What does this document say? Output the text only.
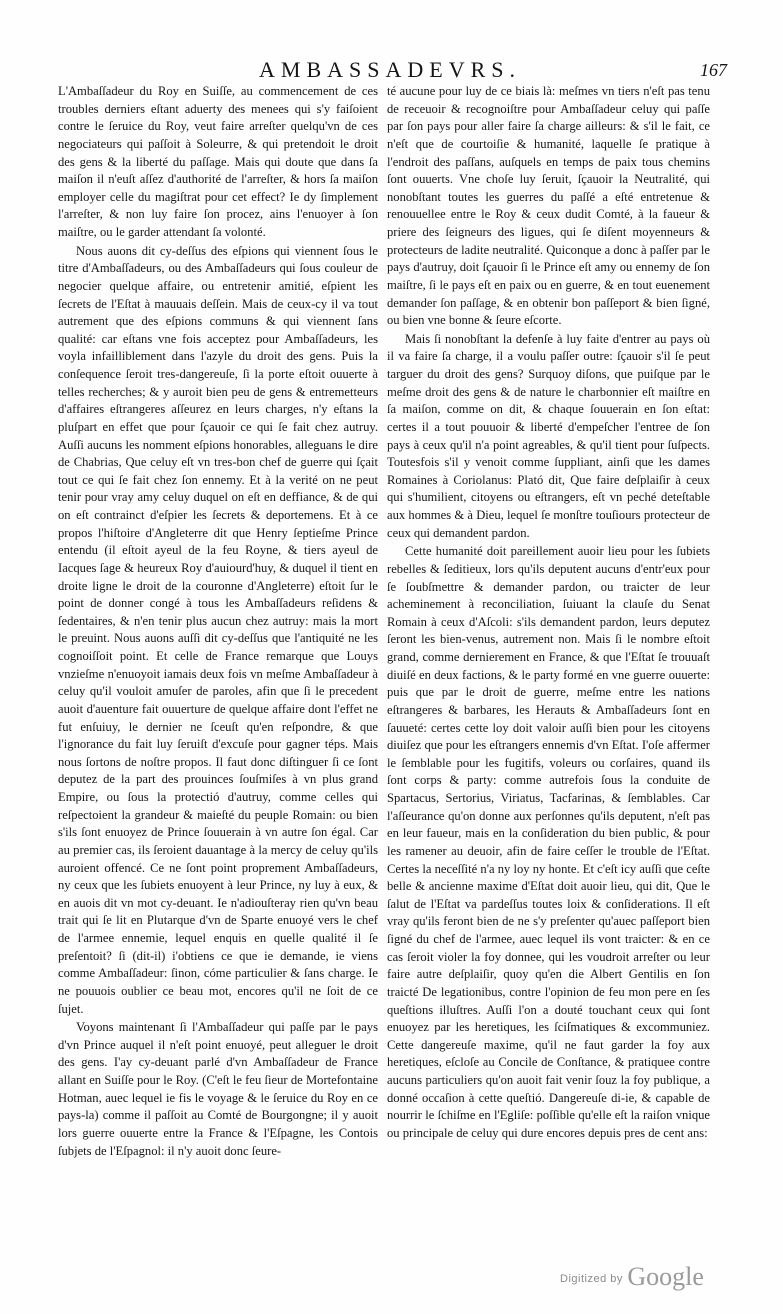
AMBASSADEVRS.	167

L'Ambaſſadeur du Roy en Suiſſe, au commencement de ces troubles derniers eſtant aduerty des menees qui s'y faiſoient contre le ſeruice du Roy, veut faire arreſter quelqu'vn de ces negociateurs qui paſſoit à Soleurre, & qui pretendoit le droit des gens & la liberté du paſſage. Mais qui doute que dans ſa maiſon il n'euſt aſſez d'authorité de l'arreſter, & hors ſa maiſon employer celle du magiſtrat pour cet effect? Ie dy ſimplement l'arreſter, & non luy faire ſon procez, ains l'enuoyer à ſon maiſtre, ou le garder attendant ſa volonté.

Nous auons dit cy-deſſus des eſpions qui viennent ſous le titre d'Ambaſſadeurs, ou des Ambaſſadeurs qui ſous couleur de negocier quelque affaire, ou entretenir amitié, eſpient les ſecrets de l'Eſtat à mauuais deſſein. Mais de ceux-cy il va tout autrement que des eſpions communs & qui viennent ſans qualité: car eſtans vne fois acceptez pour Ambaſſadeurs, les voyla infailliblement dans l'azyle du droit des gens. Puis la conſequence ſeroit tres-dangereuſe, ſi la porte eſtoit ouuerte à telles recherches; & y auroit bien peu de gens & entremetteurs d'affaires eſtrangeres aſſeurez en leurs charges, n'y eſtans la pluſpart en effet que pour ſçauoir ce qui ſe fait chez autruy. Auſſi aucuns les nomment eſpions honorables, alleguans le dire de Chabrias, Que celuy eſt vn tres-bon chef de guerre qui ſçait tout ce qui ſe fait chez ſon ennemy. Et à la verité on ne peut tenir pour vray amy celuy duquel on eſt en deffiance, & de qui on eſt contrainct d'eſpier les ſecrets & deportemens. Et à ce propos l'hiſtoire d'Angleterre dit que Henry ſeptieſme Prince entendu (il eſtoit ayeul de la feu Royne, & tiers ayeul de Iacques ſage & heureux Roy d'auiourd'huy, & duquel il tient en droite ligne le droit de la couronne d'Angleterre) eſtoit ſur le point de donner congé à tous les Ambaſſadeurs reſidens & ſedentaires, & n'en tenir plus aucun chez autruy: mais la mort le preuint. Nous auons auſſi dit cy-deſſus que l'antiquité ne les cognoiſſoit point. Et celle de France remarque que Louys vnzieſme n'enuoyoit iamais deux fois vn meſme Ambaſſadeur à celuy qu'il vouloit amuſer de paroles, afin que ſi le precedent auoit d'auenture fait ouuerture de quelque affaire dont l'effet ne fut enſuiuy, le dernier ne ſceuſt qu'en reſpondre, & que l'ignorance du fait luy ſeruiſt d'excuſe pour gagner téps. Mais nous ſortons de noſtre propos. Il faut donc diſtinguer ſi ce ſont deputez de la part des prouinces ſouſmiſes à vn plus grand Empire, ou ſous la protectió d'autruy, comme celles qui reſpectoient la grandeur & maieſté du peuple Romain: ou bien s'ils ſont enuoyez de Prince ſouuerain à vn autre ſon égal. Car au premier cas, ils ſeroient dauantage à la mercy de celuy qu'ils auroient offencé. Ce ne ſont point proprement Ambaſſadeurs, ny ceux que les ſubiets enuoyent à leur Prince, ny luy à eux, & en auois dit vn mot cy-deuant. Ie n'adiouſteray rien qu'vn beau trait qui ſe lit en Plutarque d'vn de Sparte enuoyé vers le chef de l'armee ennemie, lequel enquis en quelle qualité il ſe preſentoit? ſi (dit-il) i'obtiens ce que ie demande, ie viens comme Ambaſſadeur: ſinon, cóme particulier & ſans charge. Ie ne pouuois oublier ce beau mot, encores qu'il ne ſoit de ce ſujet.

Voyons maintenant ſi l'Ambaſſadeur qui paſſe par le pays d'vn Prince auquel il n'eſt point enuoyé, peut alleguer le droit des gens. I'ay cy-deuant parlé d'vn Ambaſſadeur de France allant en Suiſſe pour le Roy. (C'eſt le feu ſieur de Mortefontaine Hotman, auec lequel ie fis le voyage & le ſeruice du Roy en ce pays-la) comme il paſſoit au Comté de Bourgongne; il y auoit lors guerre ouuerte entre la France & l'Eſpagne, les Contois ſubjets de l'Eſpagnol: il n'y auoit donc ſeure-

té aucune pour luy de ce biais là: meſmes vn tiers n'eſt pas tenu de receuoir & recognoiſtre pour Ambaſſadeur celuy qui paſſe par ſon pays pour aller faire ſa charge ailleurs: & s'il le fait, ce n'eſt que de courtoiſie & humanité, laquelle ſe pratique à l'endroit des paſſans, auſquels en temps de paix tous chemins ſont ouuerts. Vne choſe luy ſeruit, ſçauoir la Neutralité, qui nonobſtant toutes les guerres du paſſé a eſté entretenue & renouuellee entre le Roy & ceux dudit Comté, à la faueur & priere des ſeigneurs des ligues, qui ſe diſent moyenneurs & protecteurs de ladite neutralité. Quiconque a donc à paſſer par le pays d'autruy, doit ſçauoir ſi le Prince eſt amy ou ennemy de ſon maiſtre, ſi le pays eſt en paix ou en guerre, & en tout euenement demander ſon paſſage, & en obtenir bon paſſeport & bien ſigné, ou bien vne bonne & ſeure eſcorte.

Mais ſi nonobſtant la defenſe à luy faite d'entrer au pays où il va faire ſa charge, il a voulu paſſer outre: ſçauoir s'il ſe peut targuer du droit des gens? Surquoy diſons, que puiſque par le meſme droit des gens & de nature le charbonnier eſt maiſtre en ſa maiſon, comme on dit, & chaque ſouuerain en ſon eſtat: certes il a tout pouuoir & liberté d'empeſcher l'entree de ſon pays à ceux qu'il n'a point agreables, & qu'il tient pour ſuſpects. Toutesfois s'il y venoit comme ſuppliant, ainſi que les dames Romaines à Coriolanus: Plató dit, Que faire deſplaiſir à ceux qui s'humilient, citoyens ou eſtrangers, eſt vn peché deteſtable aux hommes & à Dieu, lequel ſe monſtre touſiours protecteur de ceux qui demandent pardon.

Cette humanité doit pareillement auoir lieu pour les ſubiets rebelles & ſeditieux, lors qu'ils deputent aucuns d'entr'eux pour ſe ſoubſmettre & demander pardon, ou traicter de leur acheminement à reconciliation, ſuiuant la clauſe du Senat Romain à ceux d'Aſcoli: s'ils demandent pardon, leurs deputez ſeront les bien-venus, autrement non. Mais ſi le nombre eſtoit grand, comme dernierement en France, & que l'Eſtat ſe trouuaſt diuiſé en deux factions, & le party formé en vne guerre ouuerte: puis que par le droit de guerre, meſme entre les nations eſtrangeres & barbares, les Herauts & Ambaſſadeurs ſont en ſauueté: certes cette loy doit valoir auſſi bien pour les citoyens diuiſez que pour les eſtrangers ennemis d'vn Eſtat. I'oſe affermer le ſemblable pour les fugitifs, voleurs ou corſaires, quand ils ſont corps & party: comme autrefois ſous la conduite de Spartacus, Sertorius, Viriatus, Tacfarinas, & ſemblables. Car l'aſſeurance qu'on donne aux perſonnes qu'ils deputent, n'eſt pas en leur faueur, mais en la conſideration du bien public, & pour les ramener au deuoir, afin de faire ceſſer le trouble de l'Eſtat. Certes la neceſſité n'a ny loy ny honte. Et c'eſt icy auſſi que ceſte belle & ancienne maxime d'Eſtat doit auoir lieu, qui dit, Que le ſalut de l'Eſtat va pardeſſus toutes loix & conſiderations. Il eſt vray qu'ils feront bien de ne s'y preſenter qu'auec paſſeport bien ſigné du chef de l'armee, auec lequel ils vont traicter: & en ce cas ſeroit violer la foy donnee, qui les voudroit arreſter ou leur faire autre deſplaiſir, quoy qu'en die Albert Gentilis en ſon traicté De legationibus, contre l'opinion de feu mon pere en ſes queſtions illuſtres. Auſſi l'on a douté touchant ceux qui ſont enuoyez par les heretiques, les ſciſmatiques & excommuniez. Cette dangereuſe maxime, qu'il ne faut garder la foy aux heretiques, eſcloſe au Concile de Conſtance, & pratiquee contre aucuns particuliers qu'on auoit fait venir ſouz la foy publique, a donné occaſion à cette queſtió. Dangereuſe di-ie, & capable de nourrir le ſchiſme en l'Egliſe: poſſible qu'elle eſt la raiſon vnique ou principale de celuy qui dure encores depuis pres de cent ans:

Digitized by Google
